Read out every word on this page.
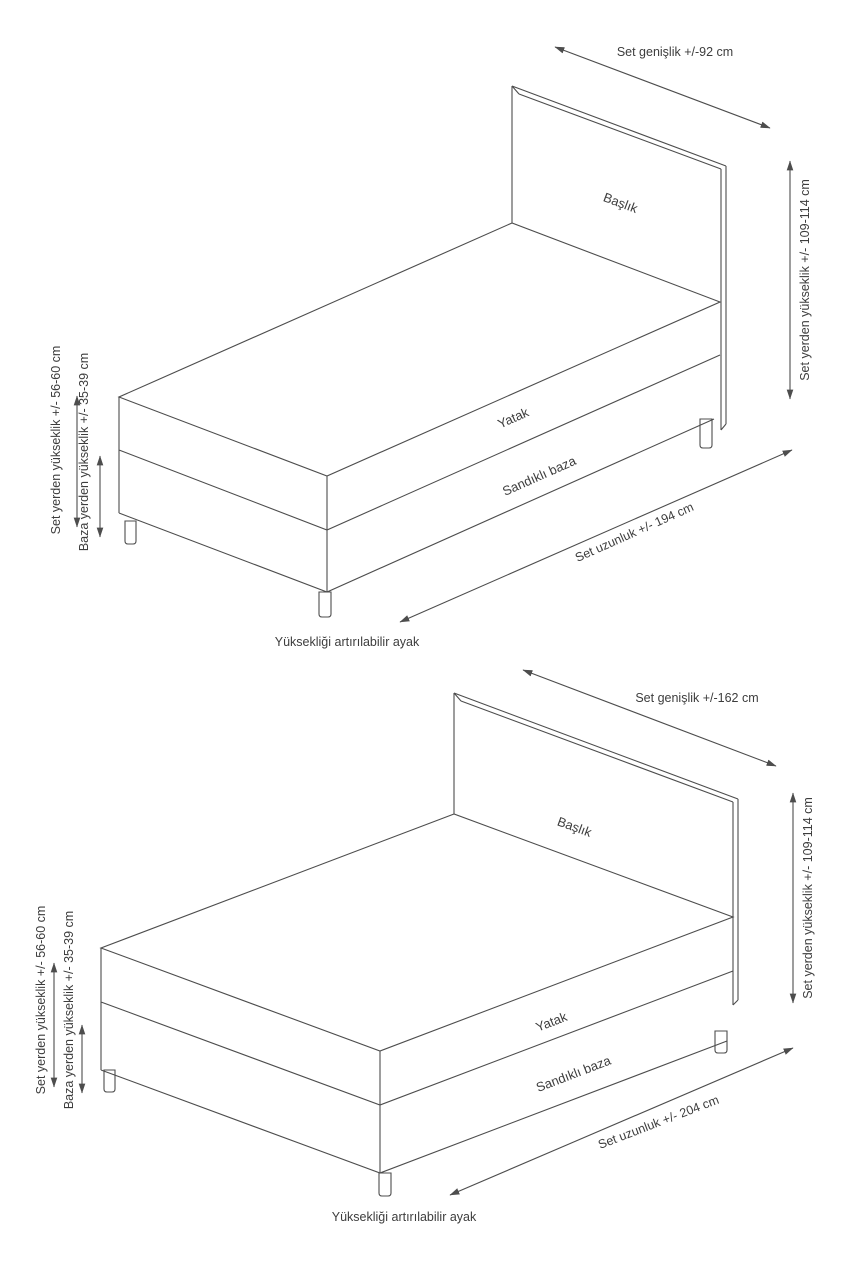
Set genişlik +/-92 cm
Set yerden yükseklik +/- 109-114 cm
Set yerden yükseklik +/- 56-60 cm Baza yerden yükseklik +/- 35-39 cm	Set uzunluk +/- 194 cm
Başlık
Yatak
Sandıklı baza
Yüksekliği artırılabilir ayak
Set genişlik +/-162 cm
Set yerden yükseklik +/- 109-114 cm
Set yerden yükseklik +/- 56-60 cm Baza yerden yükseklik +/- 35-39 cm
Set uzunluk +/- 204 cm
Başlık
Yatak
Sandıklı baza
Yüksekliği artırılabilir ayak
